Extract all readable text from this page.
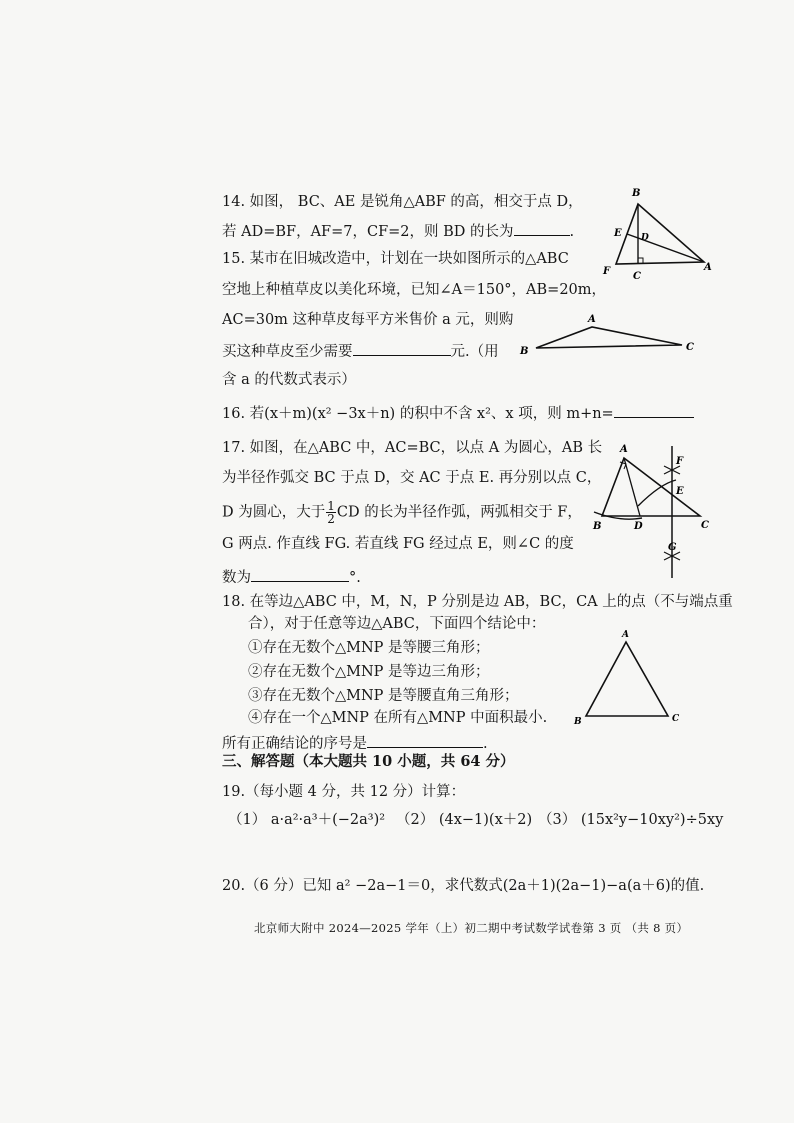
14. 如图， BC、AE 是锐角△ABF 的高，相交于点 D，
若 AD=BF，AF=7，CF=2，则 BD 的长为	.
B
E D
F C
A
15. 某市在旧城改造中，计划在一块如图所示的△ABC
空地上种植草皮以美化环境，已知∠A＝150°，AB=20m，
AC=30m 这种草皮每平方米售价 a 元，则购
买这种草皮至少需要	元.（用
含 a 的代数式表示）
A
B	C
16. 若(x＋m)(x² −3x＋n) 的积中不含 x²、x 项，则 m+n=
17. 如图，在△ABC 中，AC=BC，以点 A 为圆心，AB 长
为半径作弧交 BC 于点 D，交 AC 于点 E. 再分别以点 C，
D 为圆心，大于 $\frac{1}{2}$ CD 的长为半径作弧，两弧相交于 F，
G 两点. 作直线 FG. 若直线 FG 经过点 E，则∠C 的度
数为	°.
A
F
E
B	D	C
G
18. 在等边△ABC 中，M，N，P 分别是边 AB，BC，CA 上的点（不与端点重
合），对于任意等边△ABC，下面四个结论中：
①存在无数个△MNP 是等腰三角形；
②存在无数个△MNP 是等边三角形；
③存在无数个△MNP 是等腰直角三角形；
④存在一个△MNP 在所有△MNP 中面积最小.
所有正确结论的序号是	.
A
B	C
三、解答题（本大题共 10 小题，共 64 分）
19.（每小题 4 分，共 12 分）计算：
（1） a·a²·a³＋(−2a³)² （2） (4x−1)(x＋2) （3） (15x²y−10xy²)÷5xy
20.（6 分）已知 a² −2a−1＝0，求代数式(2a＋1)(2a−1)−a(a＋6)的值.
北京师大附中 2024—2025 学年（上）初二期中考试数学试卷第 3 页 （共 8 页）
